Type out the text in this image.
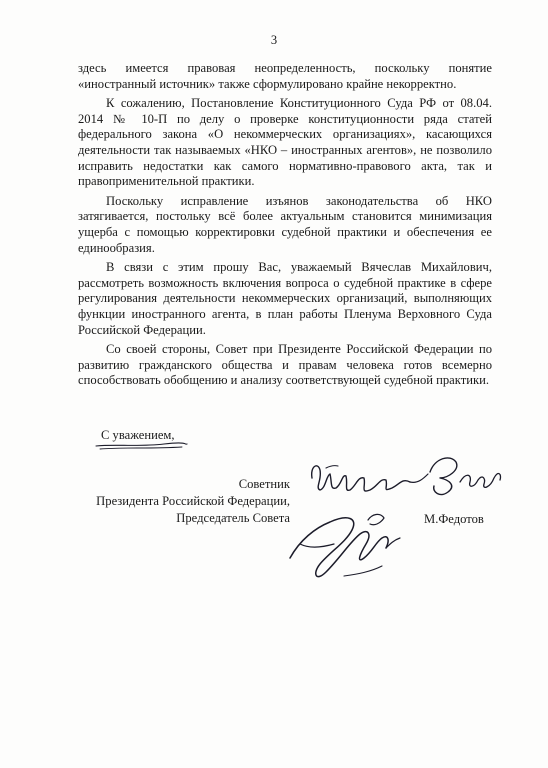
3

здесь имеется правовая неопределенность, поскольку понятие «иностранный источник» также сформулировано крайне некорректно.

К сожалению, Постановление Конституционного Суда РФ от 08.04. 2014 № 10-П по делу о проверке конституционности ряда статей федерального закона «О некоммерческих организациях», касающихся деятельности так называемых «НКО – иностранных агентов», не позволило исправить недостатки как самого нормативно-правового акта, так и правоприменительной практики.

Поскольку исправление изъянов законодательства об НКО затягивается, постольку всё более актуальным становится минимизация ущерба с помощью корректировки судебной практики и обеспечения ее единообразия.

В связи с этим прошу Вас, уважаемый Вячеслав Михайлович, рассмотреть возможность включения вопроса о судебной практике в сфере регулирования деятельности некоммерческих организаций, выполняющих функции иностранного агента, в план работы Пленума Верховного Суда Российской Федерации.

Со своей стороны, Совет при Президенте Российской Федерации по развитию гражданского общества и правам человека готов всемерно способствовать обобщению и анализу соответствующей судебной практики.

С уважением,
Советник
Президента Российской Федерации,
Председатель Совета	М.Федотов
